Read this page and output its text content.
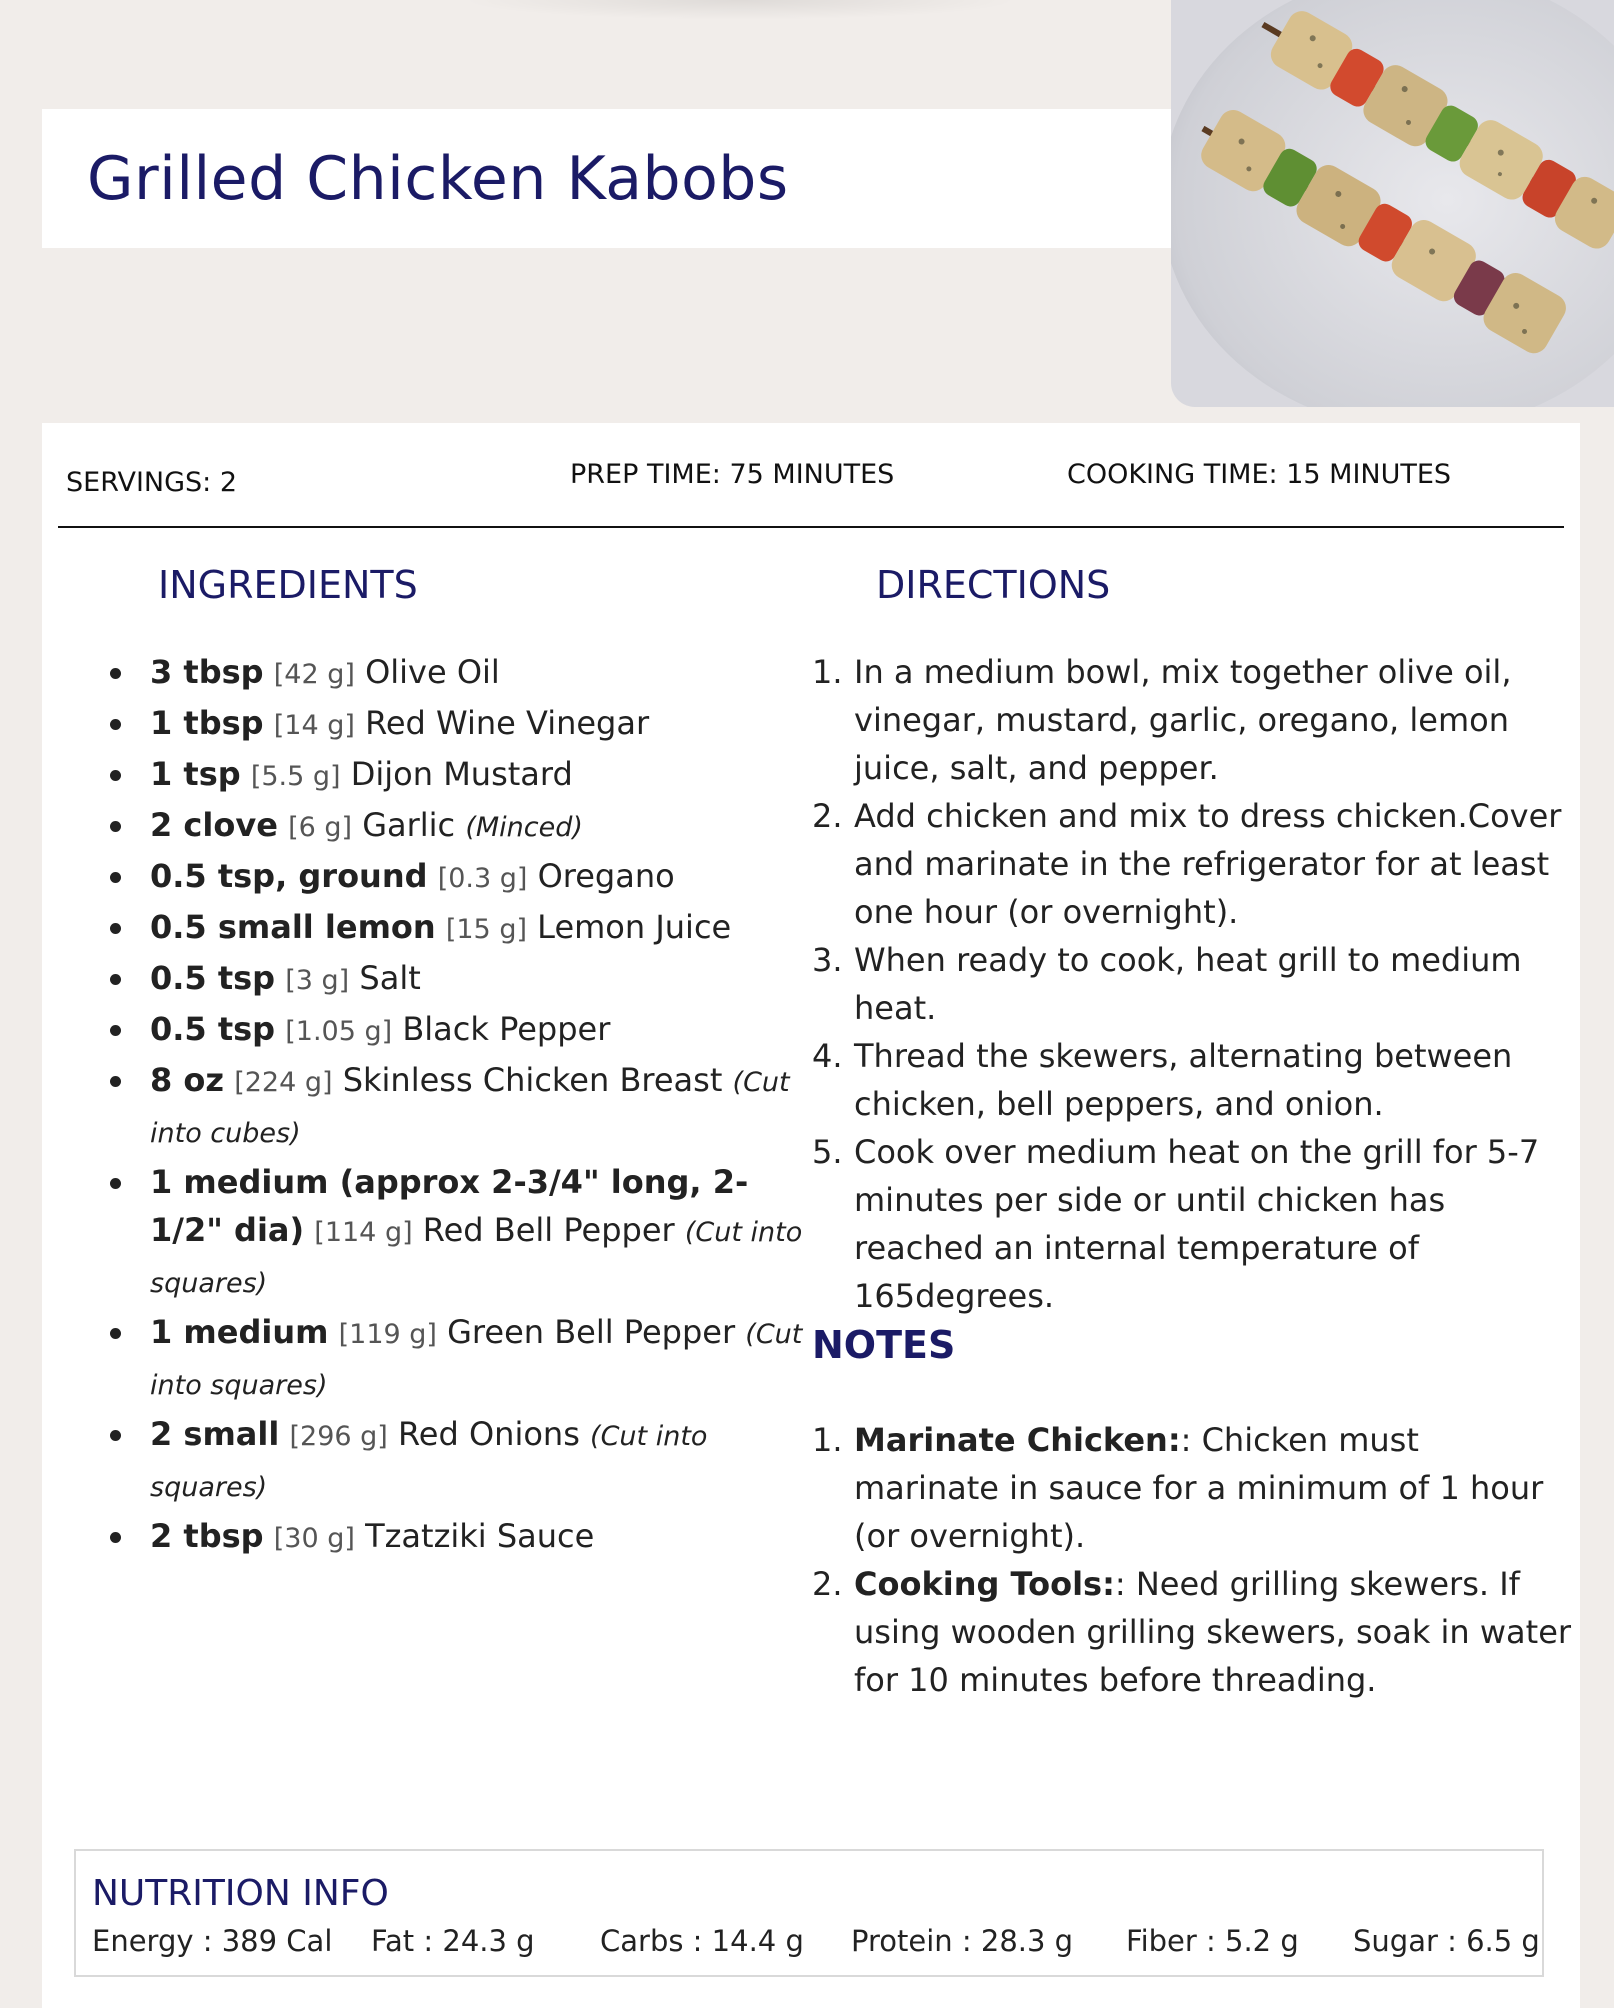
Grilled Chicken Kabobs
SERVINGS: 2	PREP TIME: 75 MINUTES	COOKING TIME: 15 MINUTES
INGREDIENTS	DIRECTIONS
3 tbsp [42 g] Olive Oil
1 tbsp [14 g] Red Wine Vinegar
1 tsp [5.5 g] Dijon Mustard
2 clove [6 g] Garlic (Minced)
0.5 tsp, ground [0.3 g] Oregano
0.5 small lemon [15 g] Lemon Juice
0.5 tsp [3 g] Salt
0.5 tsp [1.05 g] Black Pepper
8 oz [224 g] Skinless Chicken Breast (Cut into cubes)
1 medium (approx 2-3/4" long, 2-1/2" dia) [114 g] Red Bell Pepper (Cut into squares)
1 medium [119 g] Green Bell Pepper (Cut into squares)
2 small [296 g] Red Onions (Cut into squares)
2 tbsp [30 g] Tzatziki Sauce
1. In a medium bowl, mix together olive oil, vinegar, mustard, garlic, oregano, lemon juice, salt, and pepper.
2. Add chicken and mix to dress chicken.Cover and marinate in the refrigerator for at least one hour (or overnight).
3. When ready to cook, heat grill to medium heat.
4. Thread the skewers, alternating between chicken, bell peppers, and onion.
5. Cook over medium heat on the grill for 5-7 minutes per side or until chicken has reached an internal temperature of 165degrees.
NOTES
1. Marinate Chicken:: Chicken must marinate in sauce for a minimum of 1 hour (or overnight).
2. Cooking Tools:: Need grilling skewers. If using wooden grilling skewers, soak in water for 10 minutes before threading.
NUTRITION INFO
Energy : 389 Cal Fat : 24.3 g Carbs : 14.4 g Protein : 28.3 g Fiber : 5.2 g Sugar : 6.5 g
